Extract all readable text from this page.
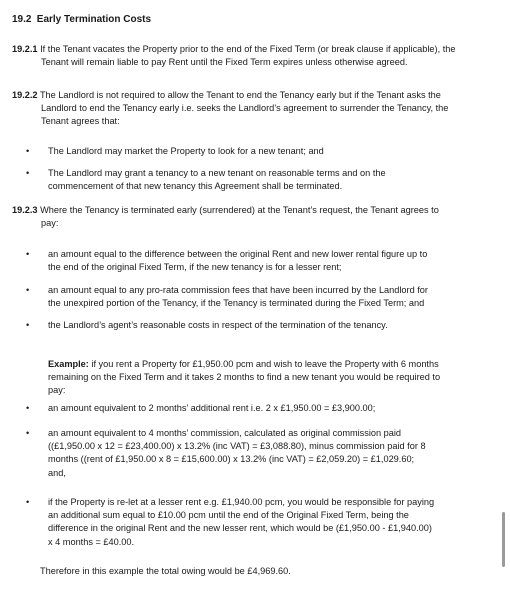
19.2 Early Termination Costs
19.2.1 If the Tenant vacates the Property prior to the end of the Fixed Term (or break clause if applicable), the
Tenant will remain liable to pay Rent until the Fixed Term expires unless otherwise agreed.
19.2.2 The Landlord is not required to allow the Tenant to end the Tenancy early but if the Tenant asks the
Landlord to end the Tenancy early i.e. seeks the Landlord’s agreement to surrender the Tenancy, the
Tenant agrees that:
• The Landlord may market the Property to look for a new tenant; and
• The Landlord may grant a tenancy to a new tenant on reasonable terms and on the
commencement of that new tenancy this Agreement shall be terminated.
19.2.3 Where the Tenancy is terminated early (surrendered) at the Tenant’s request, the Tenant agrees to
pay:
• an amount equal to the difference between the original Rent and new lower rental figure up to
the end of the original Fixed Term, if the new tenancy is for a lesser rent;
• an amount equal to any pro-rata commission fees that have been incurred by the Landlord for
the unexpired portion of the Tenancy, if the Tenancy is terminated during the Fixed Term; and
• the Landlord’s agent’s reasonable costs in respect of the termination of the tenancy.
Example: if you rent a Property for £1,950.00 pcm and wish to leave the Property with 6 months
remaining on the Fixed Term and it takes 2 months to find a new tenant you would be required to
pay:
• an amount equivalent to 2 months’ additional rent i.e. 2 x £1,950.00 = £3,900.00;
• an amount equivalent to 4 months’ commission, calculated as original commission paid
((£1,950.00 x 12 = £23,400.00) x 13.2% (inc VAT) = £3,088.80), minus commission paid for 8
months ((rent of £1,950.00 x 8 = £15,600.00) x 13.2% (inc VAT) = £2,059.20) = £1,029.60;
and,
• if the Property is re-let at a lesser rent e.g. £1,940.00 pcm, you would be responsible for paying
an additional sum equal to £10.00 pcm until the end of the Original Fixed Term, being the
difference in the original Rent and the new lesser rent, which would be (£1,950.00 - £1,940.00)
x 4 months = £40.00.
Therefore in this example the total owing would be £4,969.60.
